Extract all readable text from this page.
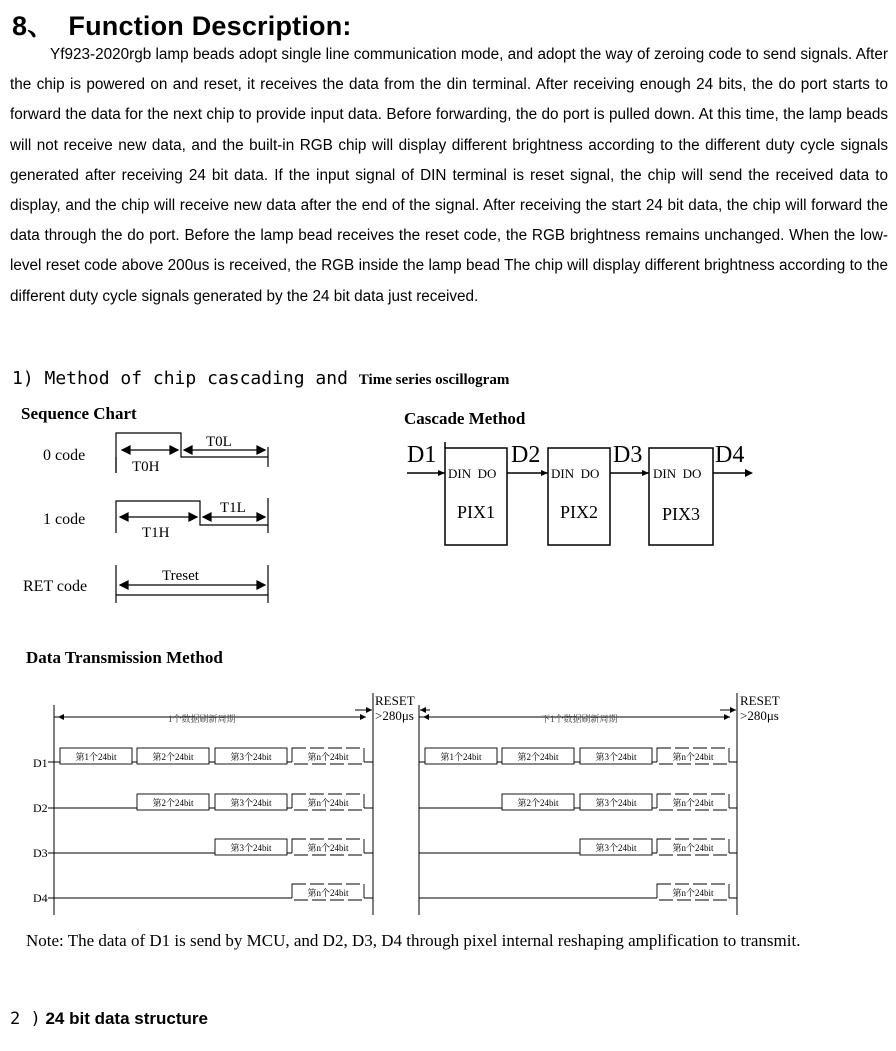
8、 Function Description:
Yf923-2020rgb lamp beads adopt single line communication mode, and adopt the way of zeroing code to send signals. After the chip is powered on and reset, it receives the data from the din terminal. After receiving enough 24 bits, the do port starts to forward the data for the next chip to provide input data. Before forwarding, the do port is pulled down. At this time, the lamp beads will not receive new data, and the built-in RGB chip will display different brightness according to the different duty cycle signals generated after receiving 24 bit data. If the input signal of DIN terminal is reset signal, the chip will send the received data to display, and the chip will receive new data after the end of the signal. After receiving the start 24 bit data, the chip will forward the data through the do port. Before the lamp bead receives the reset code, the RGB brightness remains unchanged. When the low-level reset code above 200us is received, the RGB inside the lamp bead The chip will display different brightness according to the different duty cycle signals generated by the 24 bit data just received.
1) Method of chip cascading and Time series oscillogram
Sequence Chart
0 code
T0H
T0L
1 code
T1H
T1L
RET code
Treset
Cascade Method
D1	D2	D3	D4
DIN  DO	DIN  DO	DIN  DO
PIX1	PIX2	PIX3
Data Transmission Method
RESET
>280μs
RESET
>280μs
1个数据刷新周期	下1个数据刷新周期
D1
D2
D3
D4
第1个24bit	第2个24bit	第3个24bit	第n个24bit
第2个24bit	第3个24bit	第n个24bit
第3个24bit	第n个24bit
第n个24bit
第1个24bit	第2个24bit	第3个24bit	第n个24bit
第2个24bit	第3个24bit	第n个24bit
第3个24bit	第n个24bit
第n个24bit
Note: The data of D1 is send by MCU, and D2, D3, D4 through pixel internal reshaping amplification to transmit.
2 ) 24 bit data structure
